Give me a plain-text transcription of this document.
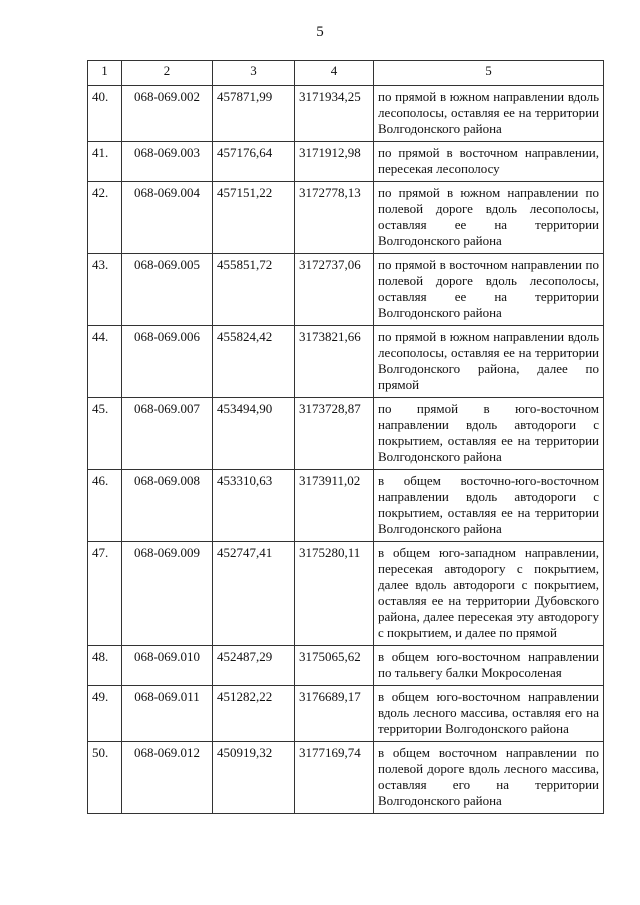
5
1	2	3	4	5
40.	068-069.002	457871,99	3171934,25	по прямой в южном направлении вдоль лесополосы, оставляя ее на территории Волгодонского района
41.	068-069.003	457176,64	3171912,98	по прямой в восточном направлении, пересекая лесополосу
42.	068-069.004	457151,22	3172778,13	по прямой в южном направлении по полевой дороге вдоль лесополосы, оставляя ее на территории Волгодонского района
43.	068-069.005	455851,72	3172737,06	по прямой в восточном направлении по полевой дороге вдоль лесополосы, оставляя ее на территории Волгодонского района
44.	068-069.006	455824,42	3173821,66	по прямой в южном направлении вдоль лесополосы, оставляя ее на территории Волгодонского района, далее по прямой
45.	068-069.007	453494,90	3173728,87	по прямой в юго-восточном направлении вдоль автодороги с покрытием, оставляя ее на территории Волгодонского района
46.	068-069.008	453310,63	3173911,02	в общем восточно-юго-восточном направлении вдоль автодороги с покрытием, оставляя ее на территории Волгодонского района
47.	068-069.009	452747,41	3175280,11	в общем юго-западном направлении, пересекая автодорогу с покрытием, далее вдоль автодороги с покрытием, оставляя ее на территории Дубовского района, далее пересекая эту автодорогу с покрытием, и далее по прямой
48.	068-069.010	452487,29	3175065,62	в общем юго-восточном направлении по тальвегу балки Мокросоленая
49.	068-069.011	451282,22	3176689,17	в общем юго-восточном направлении вдоль лесного массива, оставляя его на территории Волгодонского района
50.	068-069.012	450919,32	3177169,74	в общем восточном направлении по полевой дороге вдоль лесного массива, оставляя его на территории Волгодонского района
